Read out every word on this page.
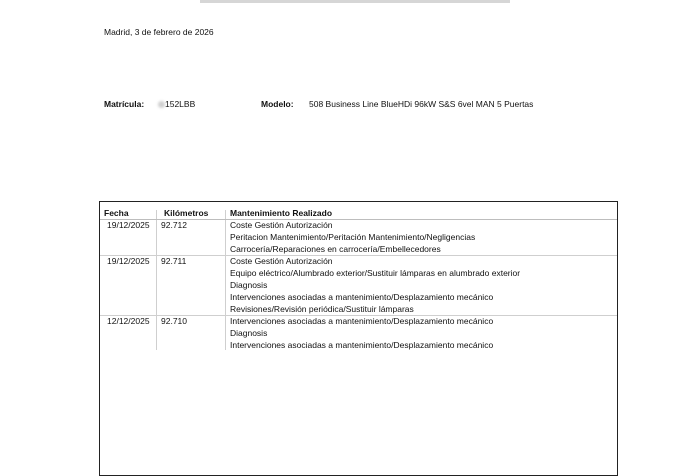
Madrid, 3 de febrero de 2026
Matrícula:	152LBB	Modelo: 508 Business Line BlueHDi 96kW S&S 6vel MAN 5 Puertas
Fecha	Kilómetros	Mantenimiento Realizado
19/12/2025 92.712	Coste Gestión Autorización
Peritacion Mantenimiento/Peritación Mantenimiento/Negligencias
Carrocería/Reparaciones en carrocería/Embellecedores
19/12/2025 92.711	Coste Gestión Autorización
Equipo eléctrico/Alumbrado exterior/Sustituir lámparas en alumbrado exterior
Diagnosis
Intervenciones asociadas a mantenimiento/Desplazamiento mecánico
Revisiones/Revisión periódica/Sustituir lámparas
12/12/2025 92.710	Intervenciones asociadas a mantenimiento/Desplazamiento mecánico
Diagnosis
Intervenciones asociadas a mantenimiento/Desplazamiento mecánico
